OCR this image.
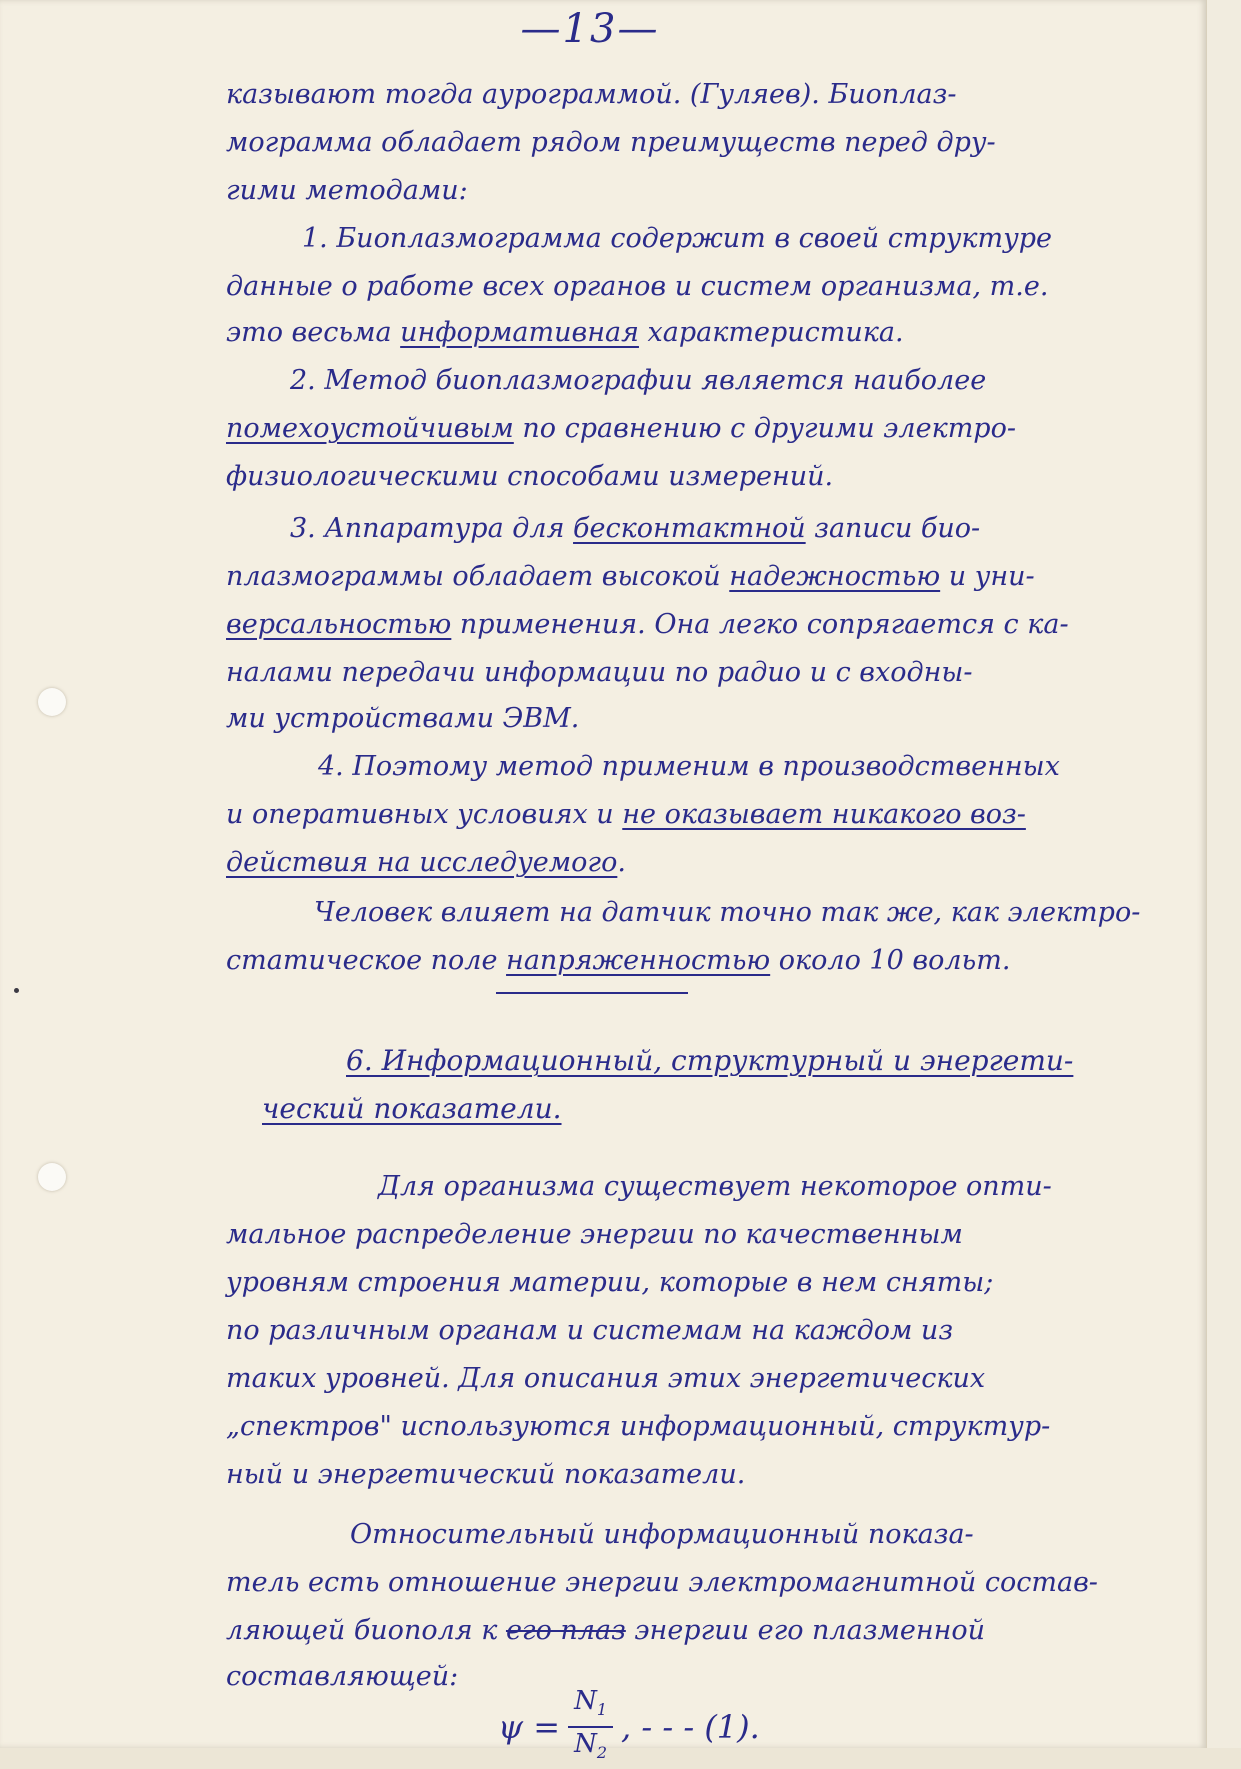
—13—
казывают тогда аурограммой. (Гуляев). Биоплаз-
мограмма обладает рядом преимуществ перед дру-
гими методами:
1. Биоплазмограмма содержит в своей структуре
данные о работе всех органов и систем организма, т.е.
это весьма информативная характеристика.
2. Метод биоплазмографии является наиболее
помехоустойчивым по сравнению с другими электро-
физиологическими способами измерений.
3. Аппаратура для бесконтактной записи био-
плазмограммы обладает высокой надежностью и уни-
версальностью применения. Она легко сопрягается с ка-
налами передачи информации по радио и с входны-
ми устройствами ЭВМ.
4. Поэтому метод применим в производственных
и оперативных условиях и не оказывает никакого воз-
действия на исследуемого.
Человек влияет на датчик точно так же, как электро-
статическое поле напряженностью около 10 вольт.
6. Информационный, структурный и энергети-
ческий показатели.
Для организма существует некоторое опти-
мальное распределение энергии по качественным
уровням строения материи, которые в нем сняты;
по различным органам и системам на каждом из
таких уровней. Для описания этих энергетических
„спектров" используются информационный, структур-
ный и энергетический показатели.
Относительный информационный показа-
тель есть отношение энергии электромагнитной состав-
ляющей биополя к его плаз энергии его плазменной
составляющей:
$\psi = \frac{N_1}{N_2}$ , - - - (1).
